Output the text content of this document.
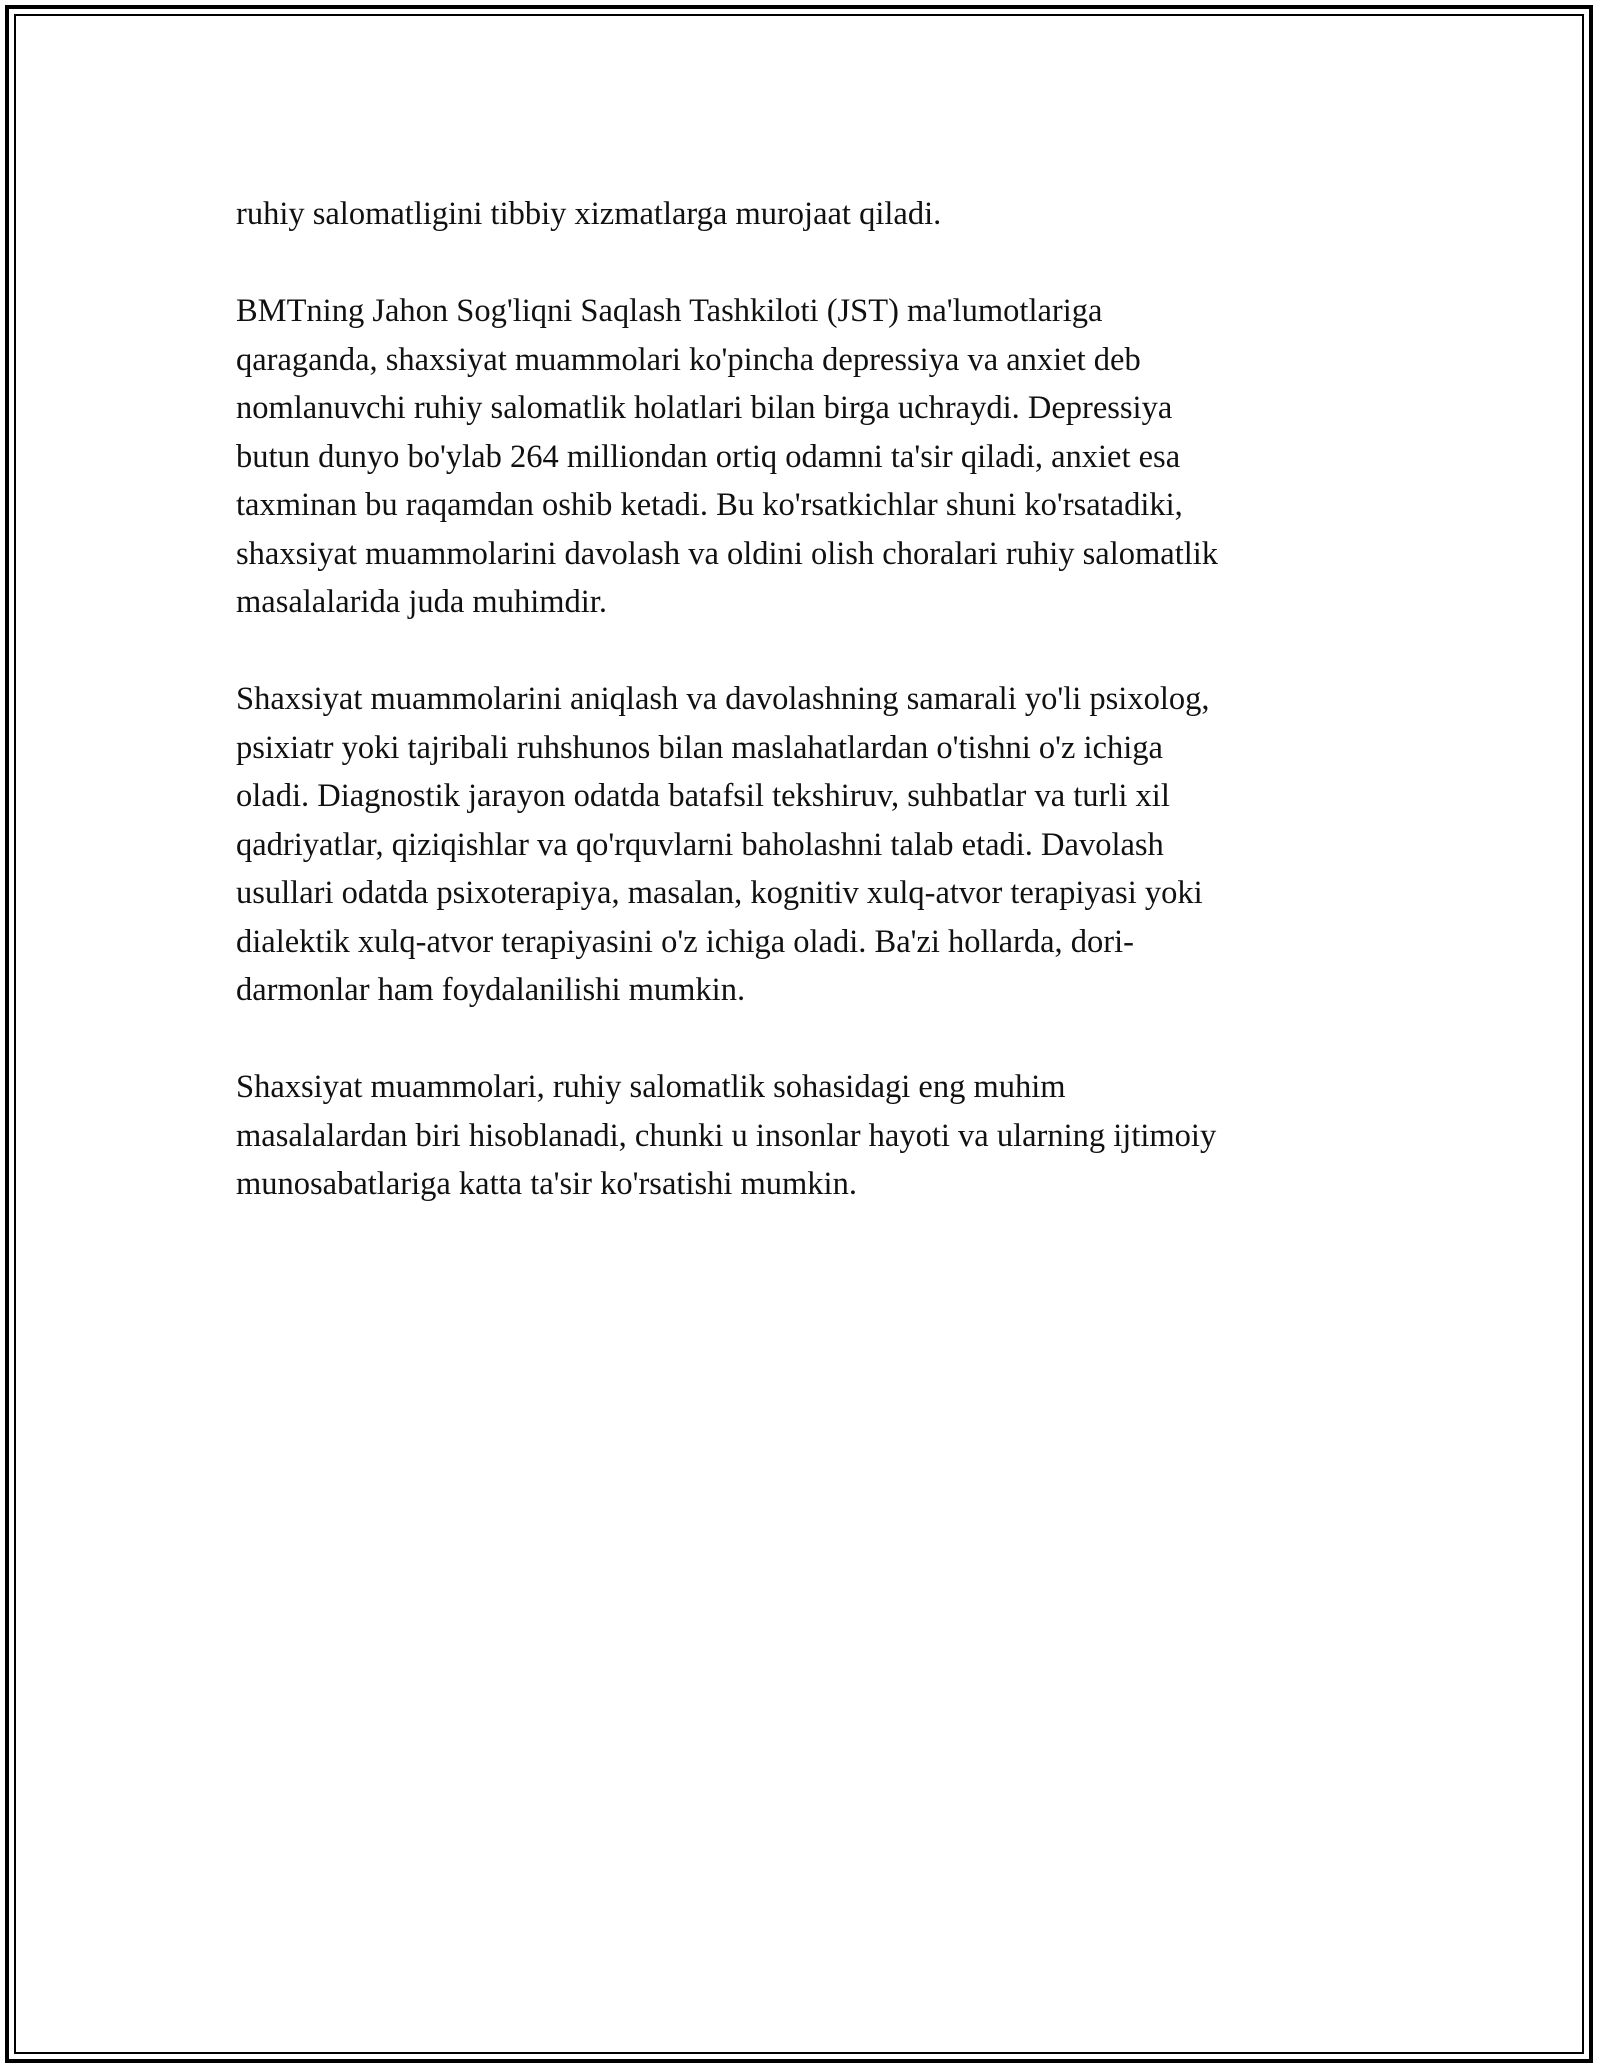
ruhiy salomatligini tibbiy xizmatlarga murojaat qiladi.

BMTning Jahon Sog'liqni Saqlash Tashkiloti (JST) ma'lumotlariga
qaraganda, shaxsiyat muammolari ko'pincha depressiya va anxiet deb
nomlanuvchi ruhiy salomatlik holatlari bilan birga uchraydi. Depressiya
butun dunyo bo'ylab 264 milliondan ortiq odamni ta'sir qiladi, anxiet esa
taxminan bu raqamdan oshib ketadi. Bu ko'rsatkichlar shuni ko'rsatadiki,
shaxsiyat muammolarini davolash va oldini olish choralari ruhiy salomatlik
masalalarida juda muhimdir.

Shaxsiyat muammolarini aniqlash va davolashning samarali yo'li psixolog,
psixiatr yoki tajribali ruhshunos bilan maslahatlardan o'tishni o'z ichiga
oladi. Diagnostik jarayon odatda batafsil tekshiruv, suhbatlar va turli xil
qadriyatlar, qiziqishlar va qo'rquvlarni baholashni talab etadi. Davolash
usullari odatda psixoterapiya, masalan, kognitiv xulq-atvor terapiyasi yoki
dialektik xulq-atvor terapiyasini o'z ichiga oladi. Ba'zi hollarda, dori-
darmonlar ham foydalanilishi mumkin.

Shaxsiyat muammolari, ruhiy salomatlik sohasidagi eng muhim
masalalardan biri hisoblanadi, chunki u insonlar hayoti va ularning ijtimoiy
munosabatlariga katta ta'sir ko'rsatishi mumkin.
